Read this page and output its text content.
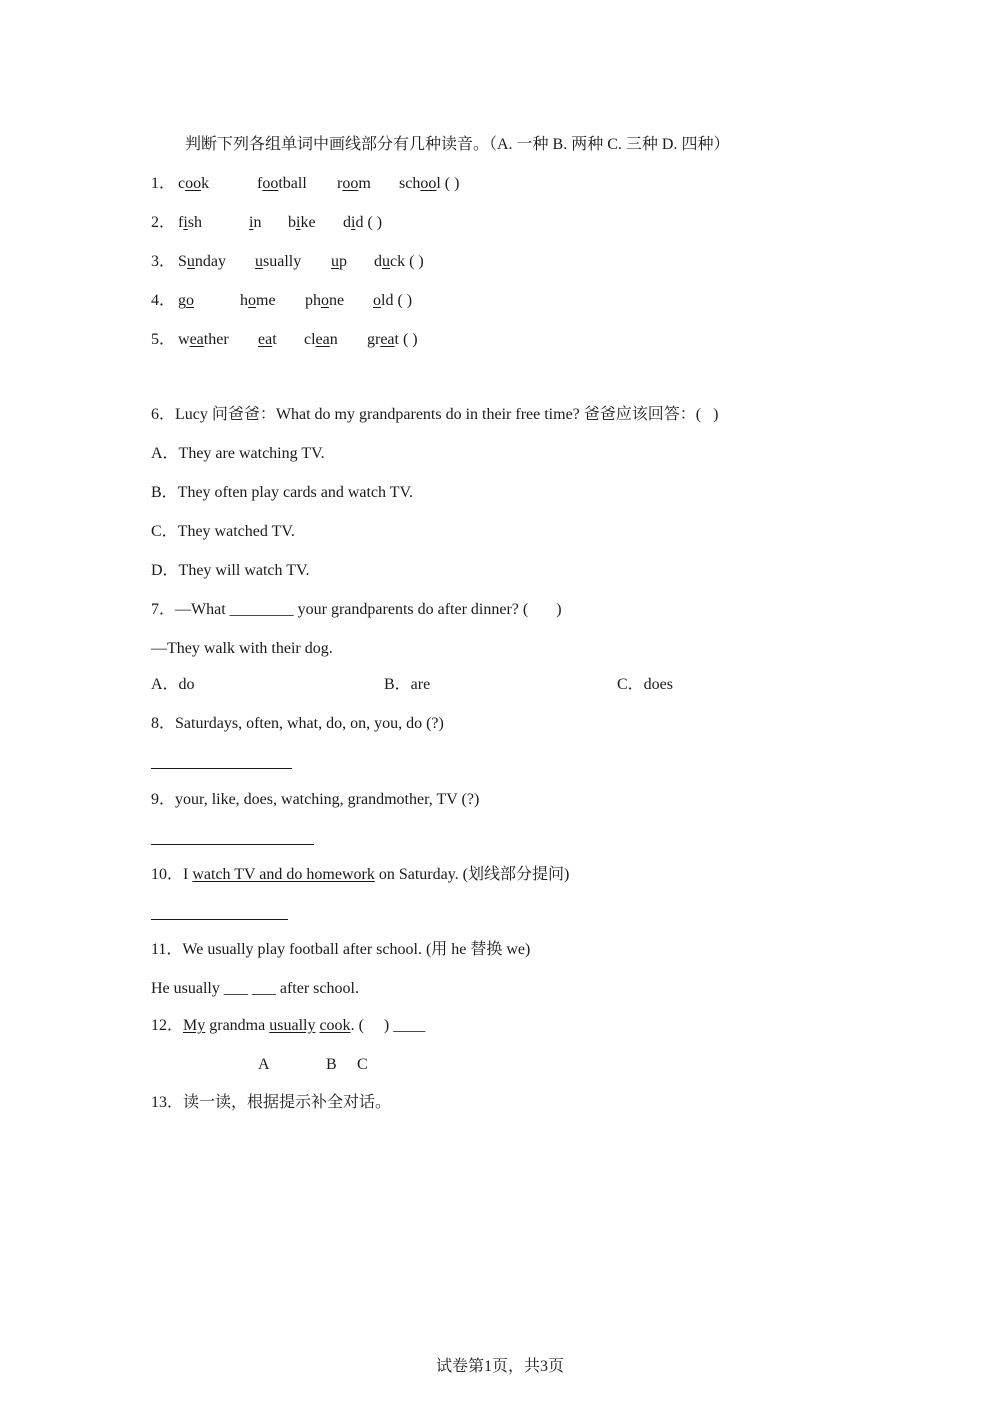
判断下列各组单词中画线部分有几种读音。（A. 一种 B. 两种 C. 三种 D. 四种）
1． cook	football room school ( )
2． fish	in bike did ( )
3． Sunday usually up duck ( )
4． go	home phone old ( )
5． weather eat clean great ( )
6．Lucy 问爸爸：What do my grandparents do in their free time? 爸爸应该回答：(   )
A．They are watching TV.
B．They often play cards and watch TV.
C．They watched TV.
D．They will watch TV.
7．—What ________ your grandparents do after dinner? (       )
—They walk with their dog.
A．do	B．are	C．does
8．Saturdays, often, what, do, on, you, do (?)
9．your, like, does, watching, grandmother, TV (?)
10．I watch TV and do homework on Saturday. (划线部分提问)
11．We usually play football after school. (用 he 替换 we)
He usually ___ ___ after school.
12．My grandma usually cook. (     ) ____
A	B C
13．读一读，根据提示补全对话。
试卷第1页，共3页
